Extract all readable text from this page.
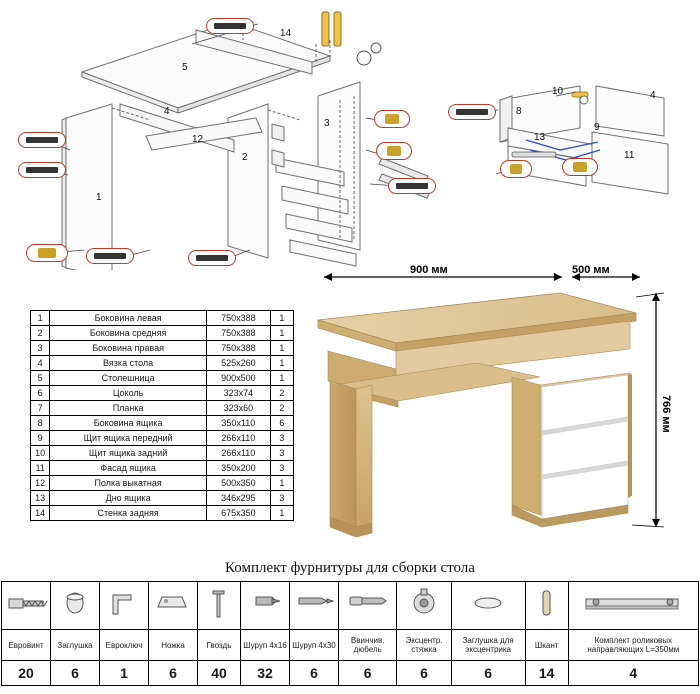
14
5
4
12
2
3
1
10
8
13
9
4
11
1	Боковина левая	750x388	1
2	Боковина средняя	750x388	1
3	Боковина правая	750x388	1
4	Вязка стола	525x260	1
5	Столешница	900x500	1
6	Цоколь	323x74	2
7	Планка	323x60	2
8	Боковина ящика	350x110	6
9	Щит ящика передний	266x110	3
10	Щит ящика задний	266x110	3
11	Фасад ящика	350x200	3
12	Полка выкатная	500x350	1
13	Дно ящика	346x295	3
14	Стенка задняя	675x350	1
900 мм	500 мм
766 мм
Комплект фурнитуры для сборки стола

Евровинт	Заглушка	Евроключ	Ножка	Гвоздь	Шуруп 4х16	Шуруп 4х30	Ввинчив. дюбель	Эксцентр. стяжка	Заглушка для эксцентрика	Шкант	Комплект роликовых направляющих L=350мм
20	6	1	6	40	32	6	6	6	6	14	4
